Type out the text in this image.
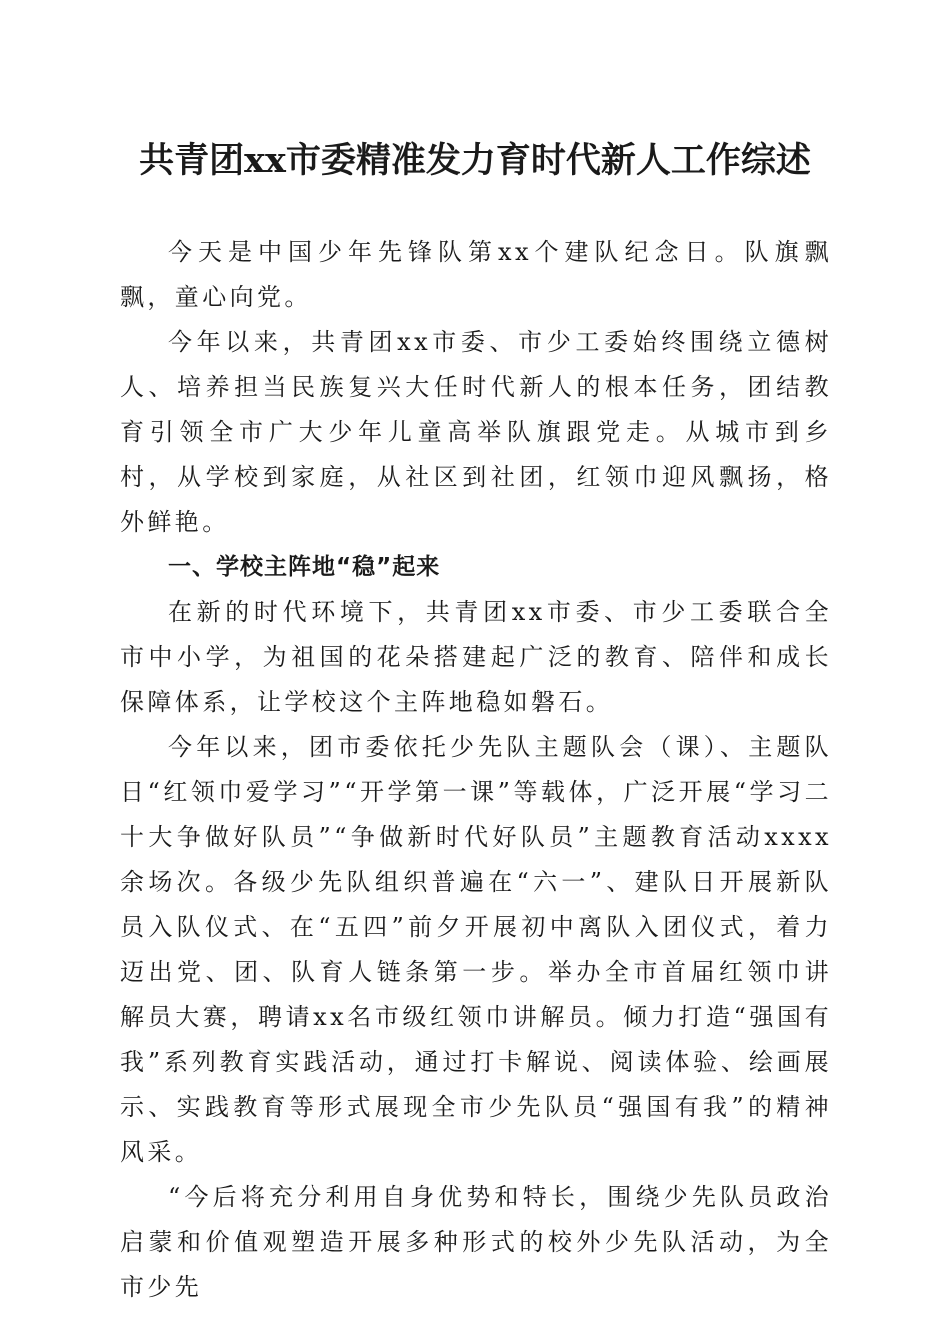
共青团xx市委精准发力育时代新人工作综述

今天是中国少年先锋队第xx个建队纪念日。队旗飘飘，童心向党。

今年以来，共青团xx市委、市少工委始终围绕立德树人、培养担当民族复兴大任时代新人的根本任务，团结教育引领全市广大少年儿童高举队旗跟党走。从城市到乡村，从学校到家庭，从社区到社团，红领巾迎风飘扬，格外鲜艳。

一、学校主阵地“稳”起来

在新的时代环境下，共青团xx市委、市少工委联合全市中小学，为祖国的花朵搭建起广泛的教育、陪伴和成长保障体系，让学校这个主阵地稳如磐石。

今年以来，团市委依托少先队主题队会（课）、主题队日“红领巾爱学习”“开学第一课”等载体，广泛开展“学习二十大争做好队员”“争做新时代好队员”主题教育活动xxxx余场次。各级少先队组织普遍在“六一”、建队日开展新队员入队仪式、在“五四”前夕开展初中离队入团仪式，着力迈出党、团、队育人链条第一步。举办全市首届红领巾讲解员大赛，聘请xx名市级红领巾讲解员。倾力打造“强国有我”系列教育实践活动，通过打卡解说、阅读体验、绘画展示、实践教育等形式展现全市少先队员“强国有我”的精神风采。

“今后将充分利用自身优势和特长，围绕少先队员政治启蒙和价值观塑造开展多种形式的校外少先队活动，为全市少先
